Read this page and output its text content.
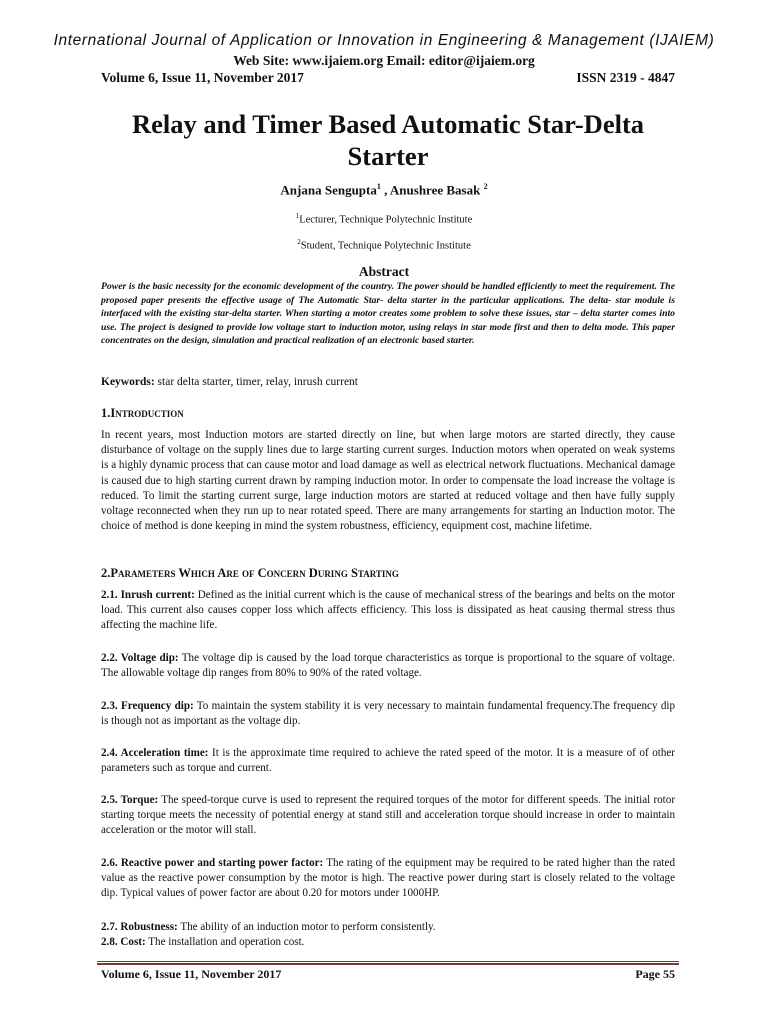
International Journal of Application or Innovation in Engineering & Management (IJAIEM)
Web Site: www.ijaiem.org Email: editor@ijaiem.org
Volume 6, Issue 11, November 2017	ISSN 2319 - 4847
Relay and Timer Based Automatic Star-Delta Starter
Anjana Sengupta$^1$ , Anushree Basak $^2$
$^1$Lecturer, Technique Polytechnic Institute
$^2$Student, Technique Polytechnic Institute
Abstract
Power is the basic necessity for the economic development of the country. The power should be handled efficiently to meet the requirement. The proposed paper presents the effective usage of The Automatic Star- delta starter in the particular applications. The delta- star module is interfaced with the existing star-delta starter. When starting a motor creates some problem to solve these issues, star – delta starter comes into use. The project is designed to provide low voltage start to induction motor, using relays in star mode first and then to delta mode. This paper concentrates on the design, simulation and practical realization of an electronic based starter.
Keywords: star delta starter, timer, relay, inrush current
1.Introduction
In recent years, most Induction motors are started directly on line, but when large motors are started directly, they cause disturbance of voltage on the supply lines due to large starting current surges. Induction motors when operated on weak systems is a highly dynamic process that can cause motor and load damage as well as electrical network fluctuations. Mechanical damage is caused due to high starting current drawn by ramping induction motor. In order to compensate the load increase the voltage is reduced. To limit the starting current surge, large induction motors are started at reduced voltage and then have fully supply voltage reconnected when they run up to near rotated speed. There are many arrangements for starting an Induction motor. The choice of method is done keeping in mind the system robustness, efficiency, equipment cost, machine lifetime.
2.Parameters Which Are of Concern During Starting
2.1. Inrush current: Defined as the initial current which is the cause of mechanical stress of the bearings and belts on the motor load. This current also causes copper loss which affects efficiency. This loss is dissipated as heat causing thermal stress thus affecting the machine life.
2.2. Voltage dip: The voltage dip is caused by the load torque characteristics as torque is proportional to the square of voltage. The allowable voltage dip ranges from 80% to 90% of the rated voltage.
2.3. Frequency dip: To maintain the system stability it is very necessary to maintain fundamental frequency.The frequency dip is though not as important as the voltage dip.
2.4. Acceleration time: It is the approximate time required to achieve the rated speed of the motor. It is a measure of of other parameters such as torque and current.
2.5. Torque: The speed-torque curve is used to represent the required torques of the motor for different speeds. The initial rotor starting torque meets the necessity of potential energy at stand still and acceleration torque should increase in order to maintain acceleration or the motor will stall.
2.6. Reactive power and starting power factor: The rating of the equipment may be required to be rated higher than the rated value as the reactive power consumption by the motor is high. The reactive power during start is closely related to the voltage dip. Typical values of power factor are about 0.20 for motors under 1000HP.
2.7. Robustness: The ability of an induction motor to perform consistently.
2.8. Cost: The installation and operation cost.
Volume 6, Issue 11, November 2017	Page 55
